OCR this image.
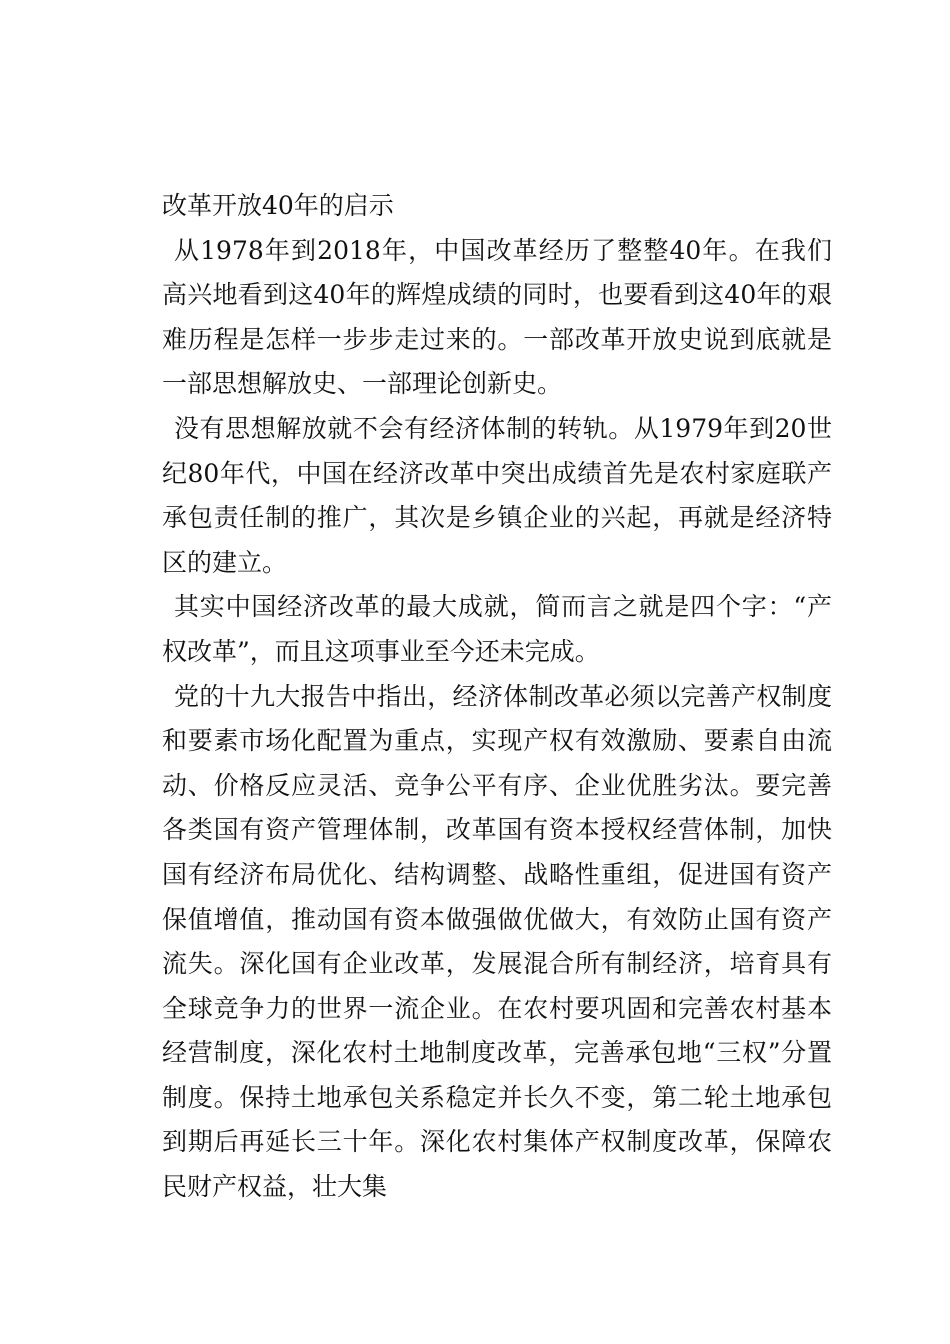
改革开放40年的启示

从1978年到2018年，中国改革经历了整整40年。在我们高兴地看到这40年的辉煌成绩的同时，也要看到这40年的艰难历程是怎样一步步走过来的。一部改革开放史说到底就是一部思想解放史、一部理论创新史。

没有思想解放就不会有经济体制的转轨。从1979年到20世纪80年代，中国在经济改革中突出成绩首先是农村家庭联产承包责任制的推广，其次是乡镇企业的兴起，再就是经济特区的建立。

其实中国经济改革的最大成就，简而言之就是四个字：“产权改革”，而且这项事业至今还未完成。

党的十九大报告中指出，经济体制改革必须以完善产权制度和要素市场化配置为重点，实现产权有效激励、要素自由流动、价格反应灵活、竞争公平有序、企业优胜劣汰。要完善各类国有资产管理体制，改革国有资本授权经营体制，加快国有经济布局优化、结构调整、战略性重组，促进国有资产保值增值，推动国有资本做强做优做大，有效防止国有资产流失。深化国有企业改革，发展混合所有制经济，培育具有全球竞争力的世界一流企业。在农村要巩固和完善农村基本经营制度，深化农村土地制度改革，完善承包地“三权”分置制度。保持土地承包关系稳定并长久不变，第二轮土地承包到期后再延长三十年。深化农村集体产权制度改革，保障农民财产权益，壮大集
